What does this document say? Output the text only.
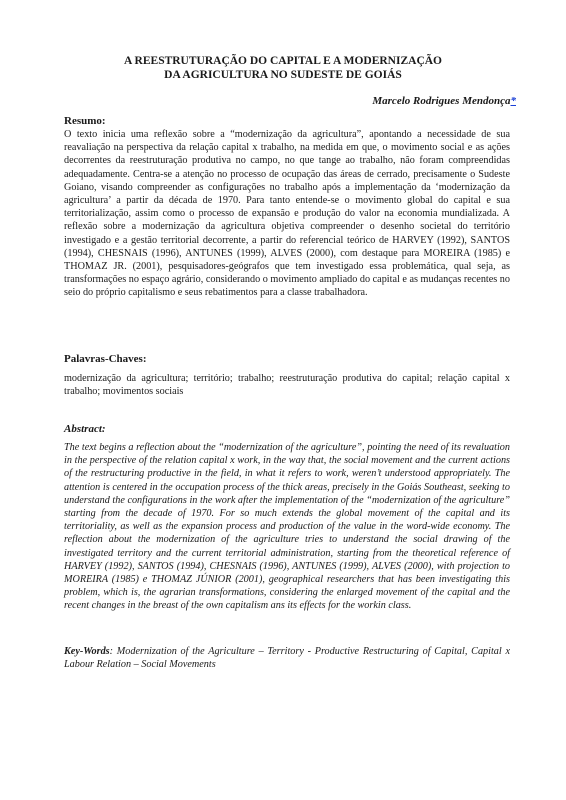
A REESTRUTURAÇÃO DO CAPITAL E A MODERNIZAÇÃO
DA AGRICULTURA NO SUDESTE DE GOIÁS
Marcelo Rodrigues Mendonça*
Resumo:

O texto inicia uma reflexão sobre a “modernização da agricultura”, apontando a necessidade de sua reavaliação na perspectiva da relação capital x trabalho, na medida em que, o movimento social e as ações decorrentes da reestruturação produtiva no campo, no que tange ao trabalho, não foram compreendidas adequadamente. Centra-se a atenção no processo de ocupação das áreas de cerrado, precisamente o Sudeste Goiano, visando compreender as configurações no trabalho após a implementação da ‘modernização da agricultura’ a partir da década de 1970. Para tanto entende-se o movimento global do capital e sua territorialização, assim como o processo de expansão e produção do valor na economia mundializada. A reflexão sobre a modernização da agricultura objetiva compreender o desenho societal do território investigado e a gestão territorial decorrente, a partir do referencial teórico de HARVEY (1992), SANTOS (1994), CHESNAIS (1996), ANTUNES (1999), ALVES (2000), com destaque para MOREIRA (1985) e THOMAZ JR. (2001), pesquisadores-geógrafos que tem investigado essa problemática, qual seja, as transformações no espaço agrário, considerando o movimento ampliado do capital e as mudanças recentes no seio do próprio capitalismo e seus rebatimentos para a classe trabalhadora.

Palavras-Chaves:

modernização da agricultura; território; trabalho; reestruturação produtiva do capital; relação capital x trabalho; movimentos sociais

Abstract:

The text begins a reflection about the “modernization of the agriculture”, pointing the need of its revaluation in the perspective of the relation capital x work, in the way that, the social movement and the current actions of the restructuring productive in the field, in what it refers to work, weren’t understood appropriately. The attention is centered in the occupation process of the thick areas, precisely in the Goiás Southeast, seeking to understand the configurations in the work after the implementation of the “modernization of the agriculture” starting from the decade of 1970. For so much extends the global movement of the capital and its territoriality, as well as the expansion process and production of the value in the word-wide economy. The reflection about the modernization of the agriculture tries to understand the social drawing of the investigated territory and the current territorial administration, starting from the theoretical reference of HARVEY (1992), SANTOS (1994), CHESNAIS (1996), ANTUNES (1999), ALVES (2000), with projection to MOREIRA (1985) e THOMAZ JÚNIOR (2001), geographical researchers that has been investigating this problem, which is, the agrarian transformations, considering the enlarged movement of the capital and the recent changes in the breast of the own capitalism ans its effects for the workin class.

Key-Words: Modernization of the Agriculture – Territory - Productive Restructuring of Capital, Capital x Labour Relation – Social Movements
